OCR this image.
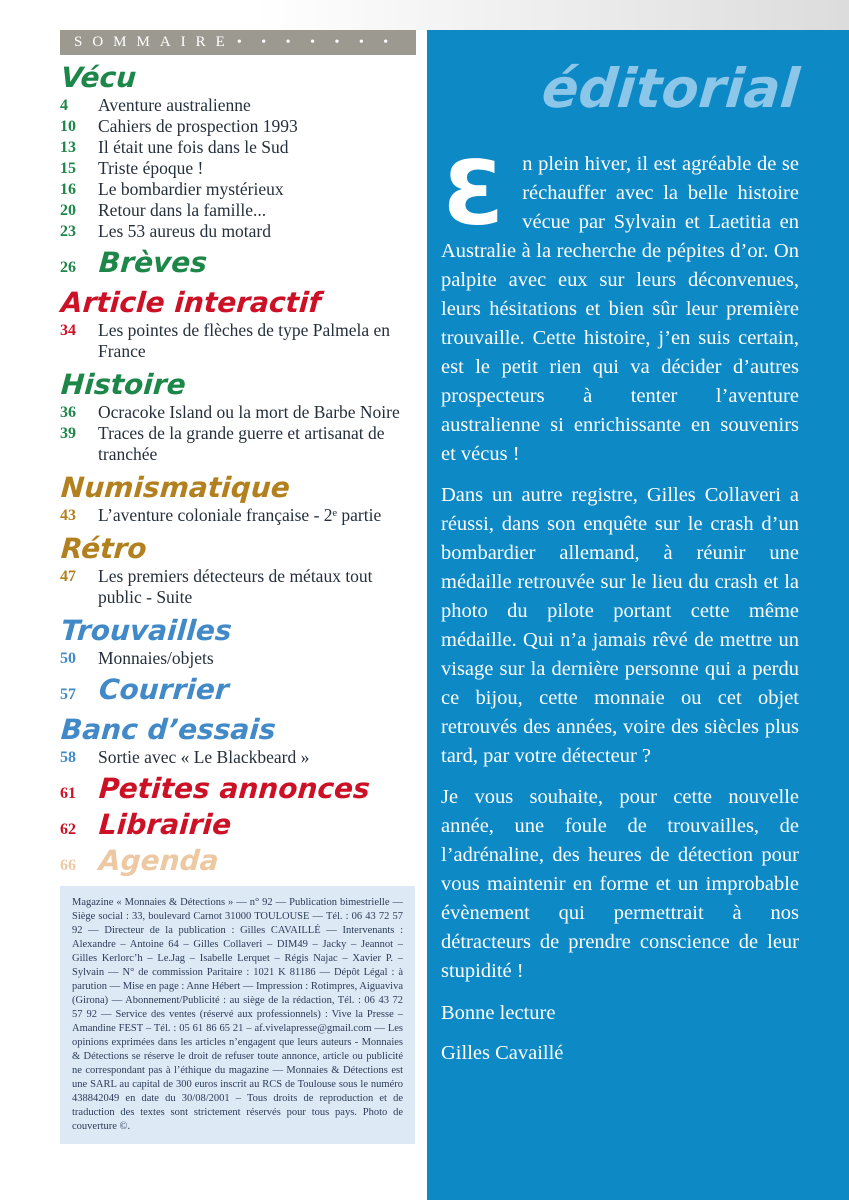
SOMMAIRE • • • • • • •
Vécu
4	Aventure australienne
10	Cahiers de prospection 1993
13	Il était une fois dans le Sud
15	Triste époque !
16	Le bombardier mystérieux
20	Retour dans la famille...
23	Les 53 aureus du motard
26 Brèves
Article interactif
34	Les pointes de flèches de type Palmela en France
Histoire
36	Ocracoke Island ou la mort de Barbe Noire
39	Traces de la grande guerre et artisanat de tranchée
Numismatique
43	L’aventure coloniale française - 2ᵉ partie
Rétro
47	Les premiers détecteurs de métaux tout public - Suite
Trouvailles
50	Monnaies/objets
57 Courrier
Banc d’essais
58	Sortie avec « Le Blackbeard »
61 Petites annonces
62 Librairie
66 Agenda

Magazine « Monnaies & Détections » — n° 92 — Publication bimestrielle — Siège social : 33, boulevard Carnot 31000 TOULOUSE — Tél. : 06 43 72 57 92 — Directeur de la publication : Gilles CAVAILLÉ — Intervenants : Alexandre – Antoine 64 – Gilles Collaveri – DIM49 – Jacky – Jeannot – Gilles Kerlorc’h – Le.Jag – Isabelle Lerquet – Régis Najac – Xavier P. – Sylvain — N° de commission Paritaire : 1021 K 81186 — Dépôt Légal : à parution — Mise en page : Anne Hébert — Impression : Rotimpres, Aiguaviva (Girona) — Abonnement/Publicité : au siège de la rédaction, Tél. : 06 43 72 57 92 — Service des ventes (réservé aux professionnels) : Vive la Presse – Amandine FEST – Tél. : 05 61 86 65 21 – af.vivelapresse@gmail.com — Les opinions exprimées dans les articles n’engagent que leurs auteurs - Monnaies & Détections se réserve le droit de refuser toute annonce, article ou publicité ne correspondant pas à l’éthique du magazine — Monnaies & Détections est une SARL au capital de 300 euros inscrit au RCS de Toulouse sous le numéro 438842049 en date du 30/08/2001 – Tous droits de reproduction et de traduction des textes sont strictement réservés pour tous pays. Photo de couverture ©.

éditorial

Ɛn plein hiver, il est agréable de se réchauffer avec la belle histoire vécue par Sylvain et Laetitia en Australie à la recherche de pépites d’or. On palpite avec eux sur leurs déconvenues, leurs hésitations et bien sûr leur première trouvaille. Cette histoire, j’en suis certain, est le petit rien qui va décider d’autres prospecteurs à tenter l’aventure australienne si enrichissante en souvenirs et vécus !

Dans un autre registre, Gilles Collaveri a réussi, dans son enquête sur le crash d’un bombardier allemand, à réunir une médaille retrouvée sur le lieu du crash et la photo du pilote portant cette même médaille. Qui n’a jamais rêvé de mettre un visage sur la dernière personne qui a perdu ce bijou, cette monnaie ou cet objet retrouvés des années, voire des siècles plus tard, par votre détecteur ?

Je vous souhaite, pour cette nouvelle année, une foule de trouvailles, de l’adrénaline, des heures de détection pour vous maintenir en forme et un improbable évènement qui permettrait à nos détracteurs de prendre conscience de leur stupidité !

Bonne lecture

Gilles Cavaillé
